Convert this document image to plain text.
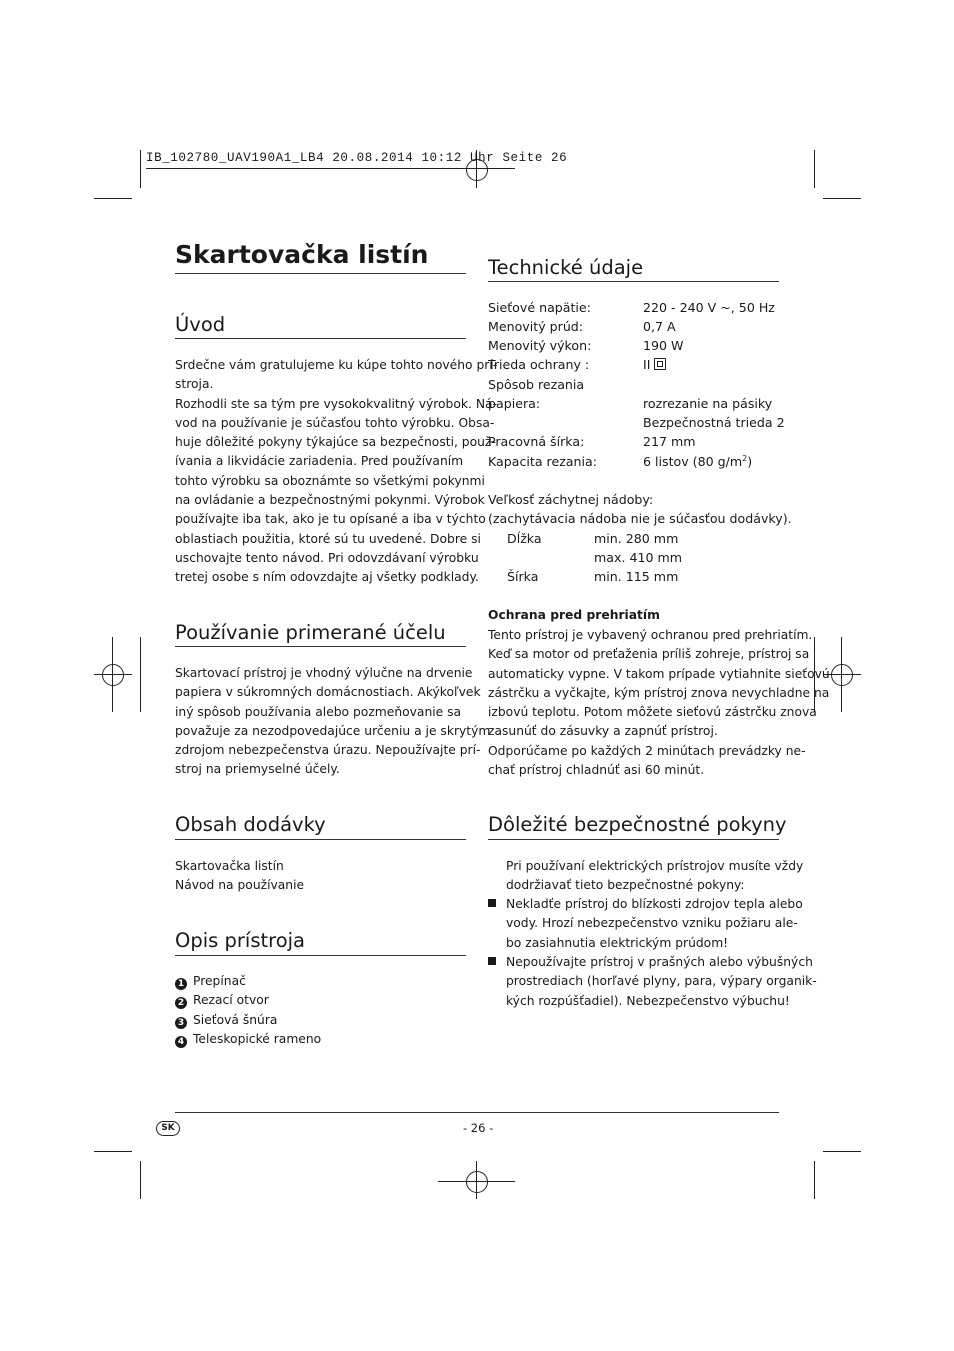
IB_102780_UAV190A1_LB4 20.08.2014 10:12 Uhr Seite 26
Skartovačka listín
Úvod
Srdečne vám gratulujeme ku kúpe tohto nového prí-
stroja.
Rozhodli ste sa tým pre vysokokvalitný výrobok. Ná-
vod na používanie je súčasťou tohto výrobku. Obsa-
huje dôležité pokyny týkajúce sa bezpečnosti, použ-
ívania a likvidácie zariadenia. Pred používaním
tohto výrobku sa oboznámte so všetkými pokynmi
na ovládanie a bezpečnostnými pokynmi. Výrobok
používajte iba tak, ako je tu opísané a iba v týchto
oblastiach použitia, ktoré sú tu uvedené. Dobre si
uschovajte tento návod. Pri odovzdávaní výrobku
tretej osobe s ním odovzdajte aj všetky podklady.
Používanie primerané účelu
Skartovací prístroj je vhodný výlučne na drvenie
papiera v súkromných domácnostiach. Akýkoľvek
iný spôsob používania alebo pozmeňovanie sa
považuje za nezodpovedajúce určeniu a je skrytým
zdrojom nebezpečenstva úrazu. Nepoužívajte prí-
stroj na priemyselné účely.
Obsah dodávky
Skartovačka listín
Návod na používanie
Opis prístroja
1 Prepínač
2 Rezací otvor
3 Sieťová šnúra
4 Teleskopické rameno
Technické údaje
Sieťové napätie:	220 - 240 V ~, 50 Hz
Menovitý prúd:	0,7 A
Menovitý výkon:	190 W
Trieda ochrany :	II
Spôsob rezania
papiera:	rozrezanie na pásiky
Bezpečnostná trieda 2
Pracovná šírka:	217 mm
Kapacita rezania:	6 listov (80 $g/m^2$)
Veľkosť záchytnej nádoby:
(zachytávacia nádoba nie je súčasťou dodávky).
Dĺžka	min. 280 mm
max. 410 mm
Šírka	min. 115 mm
Ochrana pred prehriatím
Tento prístroj je vybavený ochranou pred prehriatím.
Keď sa motor od preťaženia príliš zohreje, prístroj sa
automaticky vypne. V takom prípade vytiahnite sieťovú
zástrčku a vyčkajte, kým prístroj znova nevychladne na
izbovú teplotu. Potom môžete sieťovú zástrčku znova
zasunúť do zásuvky a zapnúť prístroj.
Odporúčame po každých 2 minútach prevádzky ne-
chať prístroj chladnúť asi 60 minút.
Dôležité bezpečnostné pokyny
Pri používaní elektrických prístrojov musíte vždy
dodržiavať tieto bezpečnostné pokyny:
Nekladťe prístroj do blízkosti zdrojov tepla alebo
vody. Hrozí nebezpečenstvo vzniku požiaru ale-
bo zasiahnutia elektrickým prúdom!
Nepoužívajte prístroj v prašných alebo výbušných
prostrediach (horľavé plyny, para, výpary organik-
kých rozpúšťadiel). Nebezpečenstvo výbuchu!
SK	- 26 -
